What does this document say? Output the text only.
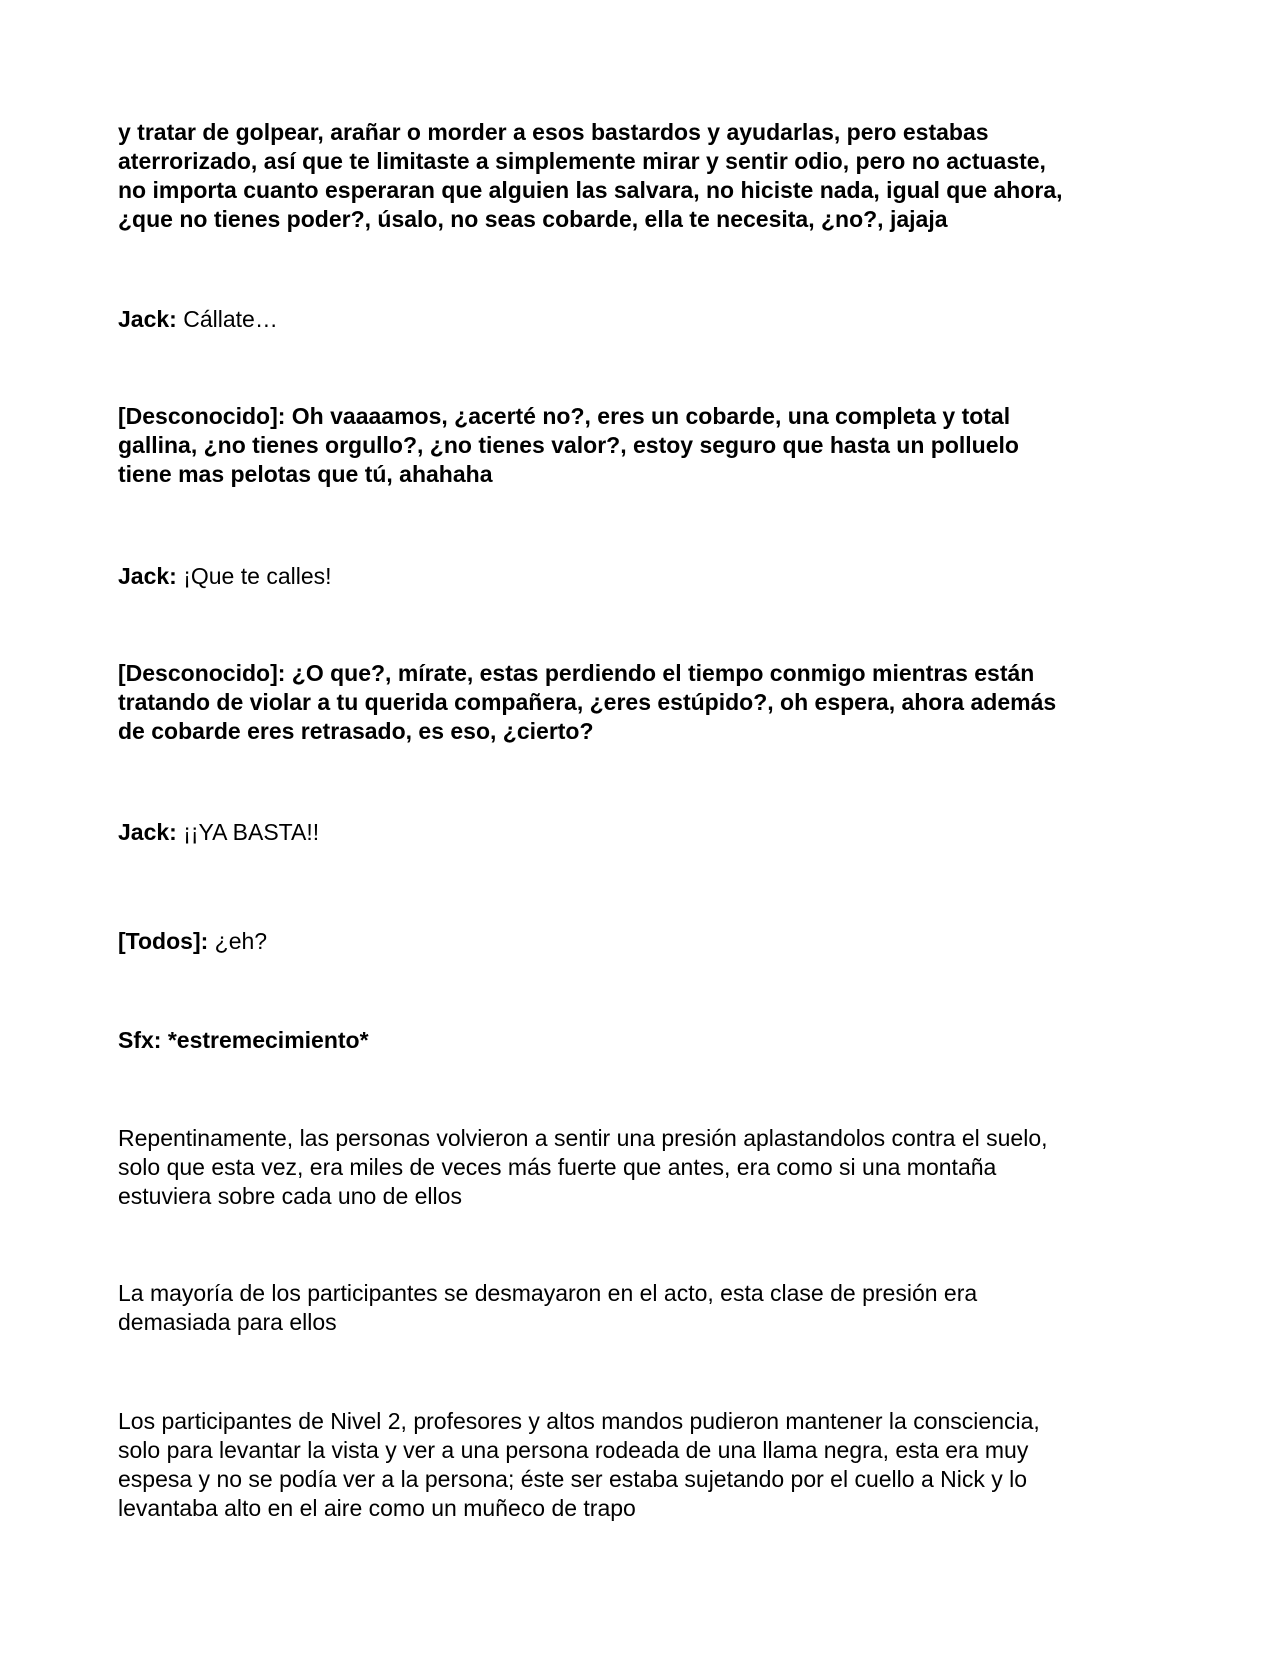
y tratar de golpear, arañar o morder a esos bastardos y ayudarlas, pero estabas
aterrorizado, así que te limitaste a simplemente mirar y sentir odio, pero no actuaste,
no importa cuanto esperaran que alguien las salvara, no hiciste nada, igual que ahora,
¿que no tienes poder?, úsalo, no seas cobarde, ella te necesita, ¿no?, jajaja

Jack: Cállate…

[Desconocido]: Oh vaaaamos, ¿acerté no?, eres un cobarde, una completa y total
gallina, ¿no tienes orgullo?, ¿no tienes valor?, estoy seguro que hasta un polluelo
tiene mas pelotas que tú, ahahaha

Jack: ¡Que te calles!

[Desconocido]: ¿O que?, mírate, estas perdiendo el tiempo conmigo mientras están
tratando de violar a tu querida compañera, ¿eres estúpido?, oh espera, ahora además
de cobarde eres retrasado, es eso, ¿cierto?

Jack: ¡¡YA BASTA!!

[Todos]: ¿eh?

Sfx: *estremecimiento*

Repentinamente, las personas volvieron a sentir una presión aplastandolos contra el suelo,
solo que esta vez, era miles de veces más fuerte que antes, era como si una montaña
estuviera sobre cada uno de ellos

La mayoría de los participantes se desmayaron en el acto, esta clase de presión era
demasiada para ellos

Los participantes de Nivel 2, profesores y altos mandos pudieron mantener la consciencia,
solo para levantar la vista y ver a una persona rodeada de una llama negra, esta era muy
espesa y no se podía ver a la persona; éste ser estaba sujetando por el cuello a Nick y lo
levantaba alto en el aire como un muñeco de trapo
